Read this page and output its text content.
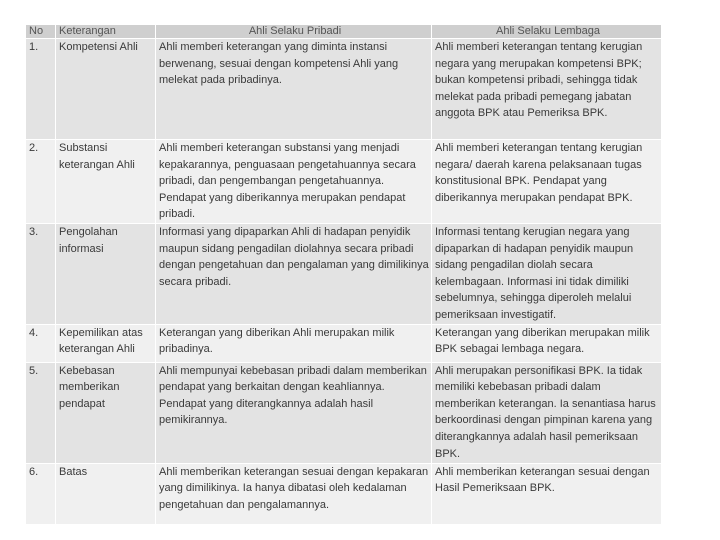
No	Keterangan	Ahli Selaku Pribadi	Ahli Selaku Lembaga
1.	Kompetensi Ahli	Ahli memberi keterangan yang diminta instansi berwenang, sesuai dengan kompetensi Ahli yang melekat pada pribadinya.	Ahli memberi keterangan tentang kerugian negara yang merupakan kompetensi BPK; bukan kompetensi pribadi, sehingga tidak melekat pada pribadi pemegang jabatan anggota BPK atau Pemeriksa BPK.
2.	Substansi keterangan Ahli	Ahli memberi keterangan substansi yang menjadi kepakarannya, penguasaan pengetahuannya secara pribadi, dan pengembangan pengetahuannya. Pendapat yang diberikannya merupakan pendapat pribadi.	Ahli memberi keterangan tentang kerugian negara/ daerah karena pelaksanaan tugas konstitusional BPK. Pendapat yang diberikannya merupakan pendapat BPK.
3.	Pengolahan informasi	Informasi yang dipaparkan Ahli di hadapan penyidik maupun sidang pengadilan diolahnya secara pribadi dengan pengetahuan dan pengalaman yang dimilikinya secara pribadi.	Informasi tentang kerugian negara yang dipaparkan di hadapan penyidik maupun sidang pengadilan diolah secara kelembagaan. Informasi ini tidak dimiliki sebelumnya, sehingga diperoleh melalui pemeriksaan investigatif.
4.	Kepemilikan atas keterangan Ahli	Keterangan yang diberikan Ahli merupakan milik pribadinya.	Keterangan yang diberikan merupakan milik BPK sebagai lembaga negara.
5.	Kebebasan memberikan pendapat	Ahli mempunyai kebebasan pribadi dalam memberikan pendapat yang berkaitan dengan keahliannya. Pendapat yang diterangkannya adalah hasil pemikirannya.	Ahli merupakan personifikasi BPK. Ia tidak memiliki kebebasan pribadi dalam memberikan keterangan. Ia senantiasa harus berkoordinasi dengan pimpinan karena yang diterangkannya adalah hasil pemeriksaan BPK.
6.	Batas	Ahli memberikan keterangan sesuai dengan kepakaran yang dimilikinya. Ia hanya dibatasi oleh kedalaman pengetahuan dan pengalamannya.	Ahli memberikan keterangan sesuai dengan Hasil Pemeriksaan BPK.
